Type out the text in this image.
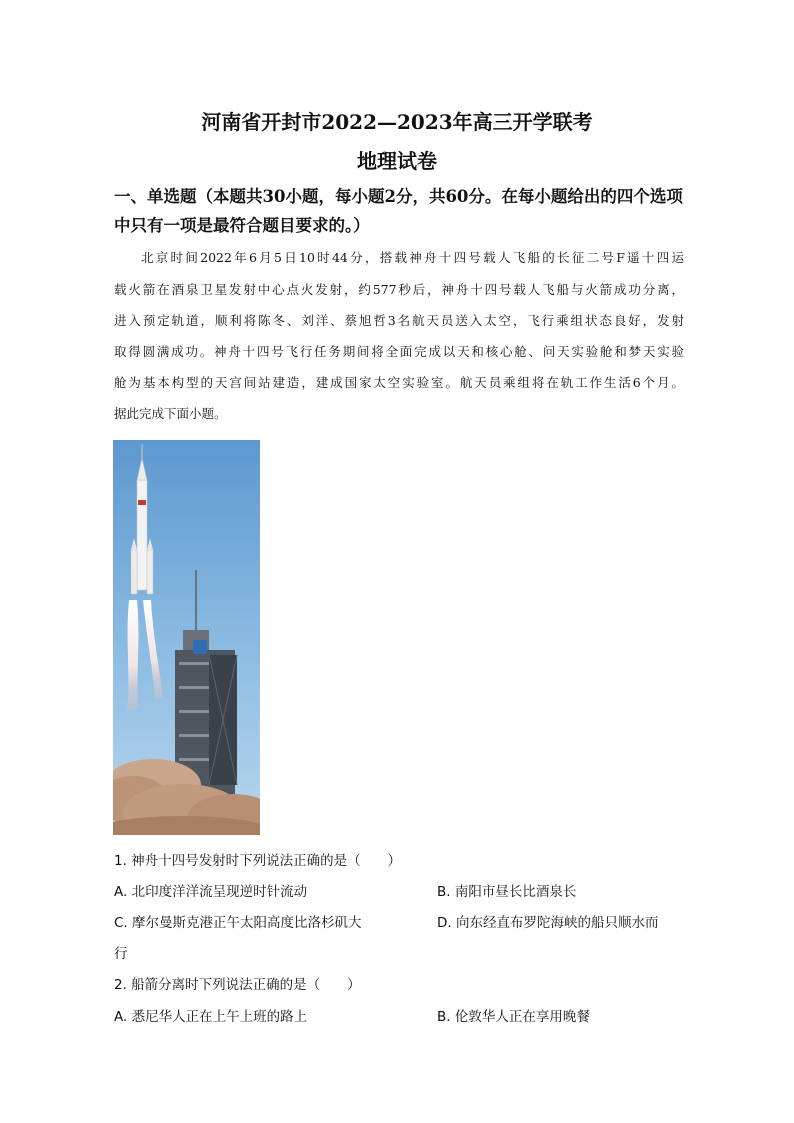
河南省开封市2022—2023年高三开学联考
地理试卷
一、单选题（本题共30小题，每小题2分，共60分。在每小题给出的四个选项
中只有一项是最符合题目要求的。）
北京时间2022年6月5日10时44分，搭载神舟十四号载人飞船的长征二号F遥十四运
载火箭在酒泉卫星发射中心点火发射，约577秒后，神舟十四号载人飞船与火箭成功分离，
进入预定轨道，顺利将陈冬、刘洋、蔡旭哲3名航天员送入太空，飞行乘组状态良好，发射
取得圆满成功。神舟十四号飞行任务期间将全面完成以天和核心舱、问天实验舱和梦天实验
舱为基本构型的天宫间站建造，建成国家太空实验室。航天员乘组将在轨工作生活6个月。
据此完成下面小题。
1. 神舟十四号发射时下列说法正确的是（　　）
A. 北印度洋洋流呈现逆时针流动	B. 南阳市昼长比酒泉长
C. 摩尔曼斯克港正午太阳高度比洛杉矶大	D. 向东经直布罗陀海峡的船只顺水而
行
2. 船箭分离时下列说法正确的是（　　）
A. 悉尼华人正在上午上班的路上	B. 伦敦华人正在享用晚餐
